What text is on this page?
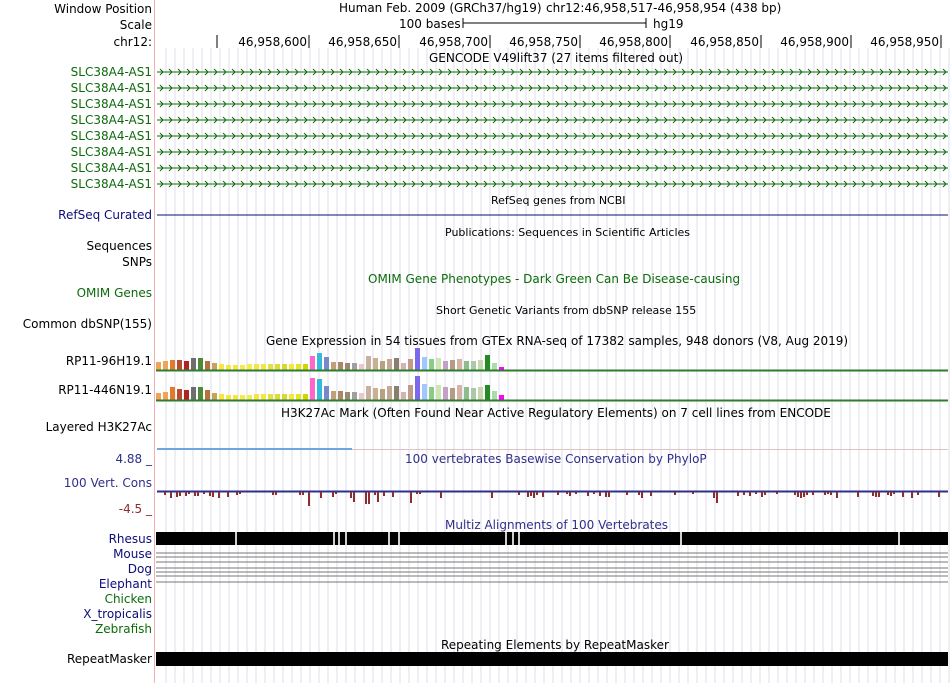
Window Position	Human Feb. 2009 (GRCh37/hg19) chr12:46,958,517-46,958,954 (438 bp)
Scale	100 bases	hg19
chr12:	46,958,600 46,958,650 46,958,700 46,958,750 46,958,800 46,958,850 46,958,900 46,958,950
GENCODE V49lift37 (27 items filtered out)
SLC38A4-AS1
SLC38A4-AS1
SLC38A4-AS1
SLC38A4-AS1
SLC38A4-AS1
SLC38A4-AS1
SLC38A4-AS1
SLC38A4-AS1
RefSeq Curated
RefSeq genes from NCBI
Publications: Sequences in Scientific Articles
Sequences
SNPs
OMIM Gene Phenotypes - Dark Green Can Be Disease-causing
OMIM Genes
Short Genetic Variants from dbSNP release 155
Common dbSNP(155)
Gene Expression in 54 tissues from GTEx RNA-seq of 17382 samples, 948 donors (V8, Aug 2019)
RP11-96H19.1
RP11-446N19.1
H3K27Ac Mark (Often Found Near Active Regulatory Elements) on 7 cell lines from ENCODE
Layered H3K27Ac
100 vertebrates Basewise Conservation by PhyloP
4.88 _
100 Vert. Cons
-4.5 _
Multiz Alignments of 100 Vertebrates
Rhesus
Mouse
Dog
Elephant
Chicken
X_tropicalis
Zebrafish
Repeating Elements by RepeatMasker
RepeatMasker
